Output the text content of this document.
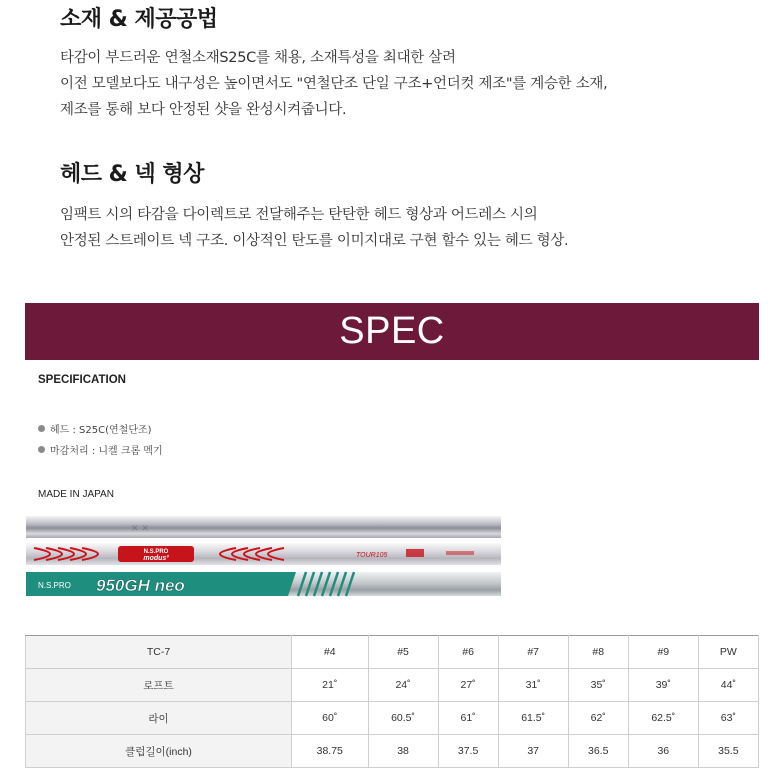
소재 & 제공공법
타감이 부드러운 연철소재S25C를 채용, 소재특성을 최대한 살려
이전 모델보다도 내구성은 높이면서도 "연철단조 단일 구조+언더컷 제조"를 계승한 소재,
제조를 통해 보다 안정된 샷을 완성시켜줍니다.
헤드 & 넥 형상
임팩트 시의 타감을 다이렉트로 전달해주는 탄탄한 헤드 형상과 어드레스 시의
안정된 스트레이트 넥 구조. 이상적인 탄도를 이미지대로 구현 할수 있는 헤드 형상.
SPEC
SPECIFICATION
헤드 : S25C(연철단조)
마감처리 : 니켈 크롬 멕기
MADE IN JAPAN
✕ ✕
N.S.PRO
modus³	TOUR105
N.S.PRO 950GH neo
TC-7	#4	#5	#6	#7	#8	#9	PW
로프트	21˚	24˚	27˚	31˚	35˚	39˚	44˚
라이	60˚	60.5˚	61˚	61.5˚	62˚	62.5˚	63˚
클럽길이(inch)	38.75	38	37.5	37	36.5	36	35.5
